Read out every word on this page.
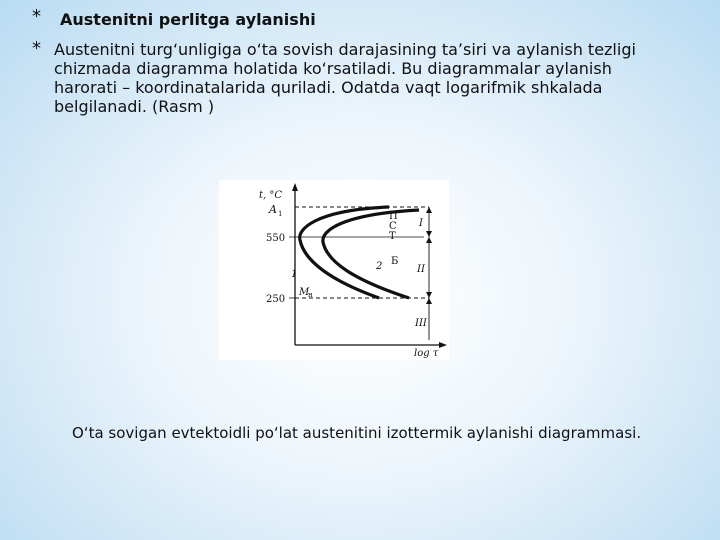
* Austenitni perlitga aylanishi
* Austenitni turg‘unligiga o‘ta sovish darajasining ta’siri va aylanish tezligi
chizmada diagramma holatida ko‘rsatiladi. Bu diagrammalar aylanish
harorati – koordinatalarida quriladi. Odatda vaqt logarifmik shkalada
belgilanadi. (Rasm )
t, °C
A 1
550
250
M
н
1
2
П
С
Т
Б
I
II
III
log τ
O‘ta sovigan evtektoidli po‘lat austenitini izottermik aylanishi diagrammasi.
